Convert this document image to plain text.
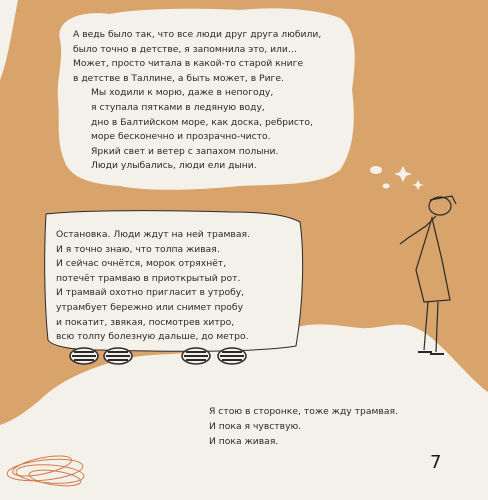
А ведь было так, что все люди друг друга любили,
было точно в детстве, я запомнила это, или…
Может, просто читала в какой-то старой книге
в детстве в Таллине, а быть может, в Риге.
Мы ходили к морю, даже в непогоду,
я ступала пятками в ледяную воду,
дно в Балтийском море, как доска, ребристо,
море бесконечно и прозрачно-чисто.
Яркий свет и ветер с запахом полыни.
Люди улыбались, люди ели дыни.
Остановка. Люди ждут на ней трамвая.
И я точно знаю, что толпа живая.
И сейчас очнётся, морок отряхнёт,
потечёт трамваю в приоткрытый рот.
И трамвай охотно пригласит в утробу,
утрамбует бережно или снимет пробу
и покатит, звякая, посмотрев хитро,
всю толпу болезную дальше, до метро.
Я стою в сторонке, тоже жду трамвая.
И пока я чувствую.
И пока живая.
7
